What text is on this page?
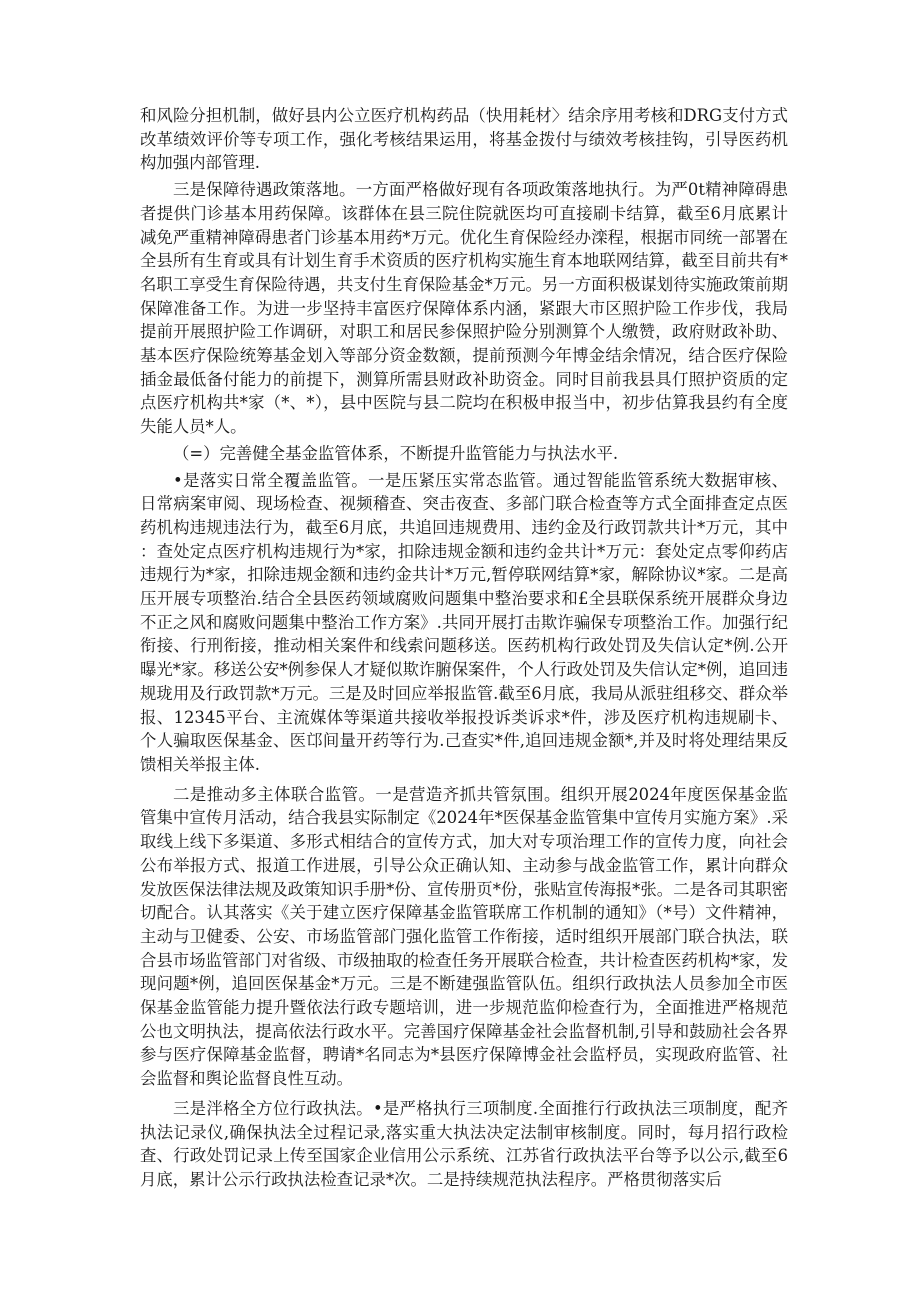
和风险分担机制，做好县内公立医疗机构药品（快用耗材〉结余序用考核和DRG支付方式改革绩效评价等专项工作，强化考核结果运用，将基金拨付与绩效考核挂钩，引导医药机构加强内部管理.

三是保障待遇政策落地。一方面严格做好现有各项政策落地执行。为严0t精神障碍患者提供门诊基本用药保障。该群体在县三院住院就医均可直接刷卡结算，截至6月底累计减免严重精神障碍患者门诊基本用药*万元。优化生育保险经办滦程，根据市同统一部署在全县所有生育或具有计划生育手术资质的医疗机构实施生育本地联网结算，截至目前共有*名职工享受生育保险待遇，共支付生育保险基金*万元。另一方面积极谋划待实施政策前期保障准备工作。为进一步坚持丰富医疗保障体系内涵，紧跟大市区照护险工作步伐，我局提前开展照护险工作调研，对职工和居民参保照护险分别测算个人缴赞，政府财政补助、基本医疗保险统筹基金划入等部分资金数额，提前预测今年博金结余情况，结合医疗保险插金最低备付能力的前提下，测算所需县财政补助资金。同时目前我县具仃照护资质的定点医疗机构共*家（*、*），县中医院与县二院均在积极申报当中，初步估算我县约有全度失能人员*人。

（=）完善健全基金监管体系，不断提升监管能力与执法水平.

•是落实日常全覆盖监管。一是压紧压实常态监管。通过智能监管系统大数据审核、日常病案审阅、现场检查、视频稽查、突击夜查、多部门联合检查等方式全面排查定点医药机构违规违法行为，截至6月底，共追回违规费用、违约金及行政罚款共计*万元，其中：查处定点医疗机构违规行为*家，扣除违规金额和违约金共计*万元：套处定点零仰药店违规行为*家，扣除违规金额和违约金共计*万元,暂停联网结算*家，解除协议*家。二是高压开展专项整治.结合全县医药领域腐败问题集中整治要求和£全县联保系统开展群众身边不正之风和腐败问题集中整治工作方案》.共同开展打击欺诈骗保专项整治工作。加强行纪衔接、行刑衔接，推动相关案件和线索问题移送。医药机构行政处罚及失信认定*例.公开曝光*家。移送公安*例参保人才疑似欺诈腑保案件，个人行政处罚及失信认定*例，追回违规珑用及行政罚款*万元。三是及时回应举报监管.截至6月底，我局从派驻组移交、群众举报、12345平台、主流媒体等渠道共接收举报投诉类诉求*件，涉及医疗机构违规刷卡、个人骗取医保基金、医邙间量开药等行为.己查实*件,追回违规金额*,并及时将处理结果反馈相关举报主体.

二是推动多主体联合监管。一是营造齐抓共管氛围。组织开展2024年度医保基金监管集中宣传月活动，结合我县实际制定《2024年*医保基金监管集中宣传月实施方案》.采取线上线下多渠道、多形式相结合的宣传方式，加大对专项治理工作的宣传力度，向社会公布举报方式、报道工作进展，引导公众正确认知、主动参与战金监管工作，累计向群众发放医保法律法规及政策知识手册*份、宣传册页*份，张贴宣传海报*张。二是各司其职密切配合。认其落实《关于建立医疗保障基金监管联席工作机制的通知》（*号）文件精神，主动与卫健委、公安、市场监管部门强化监管工作衔接，适时组织开展部门联合执法，联合县市场监管部门对省级、市级抽取的检查任务开展联合检查，共计检查医药机构*家，发现问题*例，追回医保基金*万元。三是不断建强监管队伍。组织行政执法人员参加全市医保基金监管能力提升暨依法行政专题培训，进一步规范监仰检查行为，全面推进严格规范公也文明执法，提高依法行政水平。完善国疗保障基金社会监督机制,引导和鼓励社会各界参与医疗保障基金监督，聘请*名同志为*县医疗保障博金社会监杼员，实现政府监管、社会监督和舆论监督良性互动。

三是泮格全方位行政执法。•是严格执行三项制度.全面推行行政执法三项制度，配齐执法记录仪,确保执法全过程记录,落实重大执法决定法制审核制度。同时，每月招行政检査、行政处罚记录上传至国家企业信用公示系统、江苏省行政执法平台等予以公示,截至6月底，累计公示行政执法检查记录*次。二是持续规范执法程序。严格贯彻落实后
